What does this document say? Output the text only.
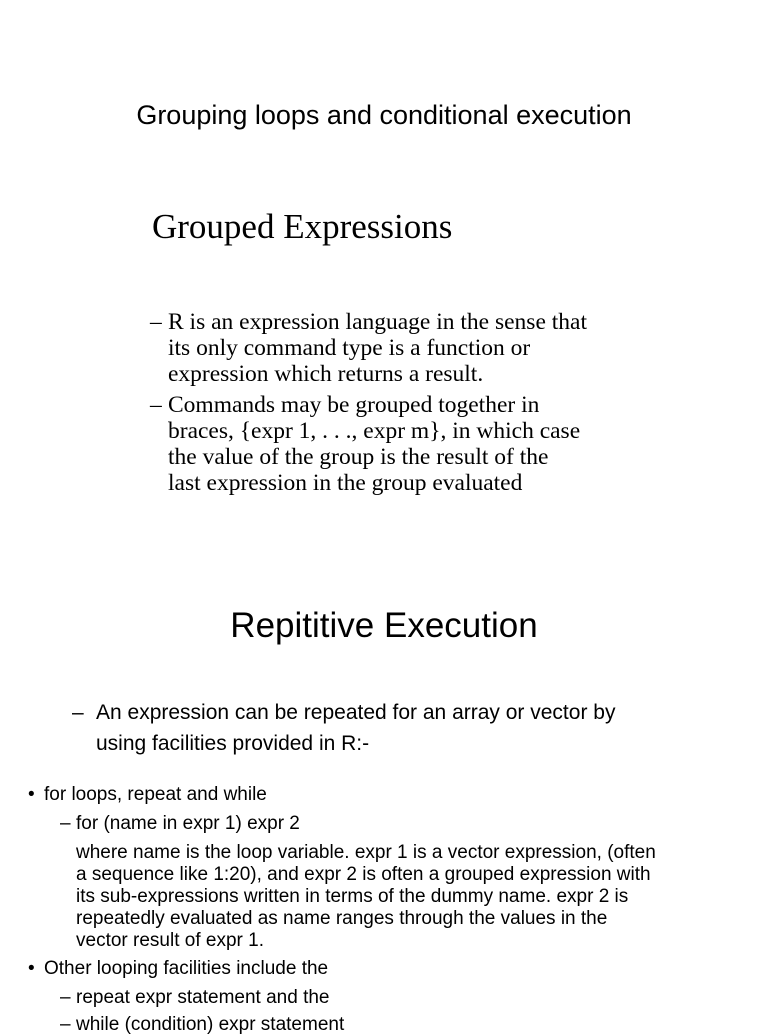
Grouping loops and conditional execution
Grouped Expressions
– R is an expression language in the sense that
its only command type is a function or
expression which returns a result.
– Commands may be grouped together in
braces, {expr 1, . . ., expr m}, in which case
the value of the group is the result of the
last expression in the group evaluated
Repititive Execution
– An expression can be repeated for an array or vector by
using facilities provided in R:-
• for loops, repeat and while
– for (name in expr 1) expr 2
where name is the loop variable. expr 1 is a vector expression, (often
a sequence like 1:20), and expr 2 is often a grouped expression with
its sub-expressions written in terms of the dummy name. expr 2 is
repeatedly evaluated as name ranges through the values in the
vector result of expr 1.
• Other looping facilities include the
– repeat expr statement and the
– while (condition) expr statement
